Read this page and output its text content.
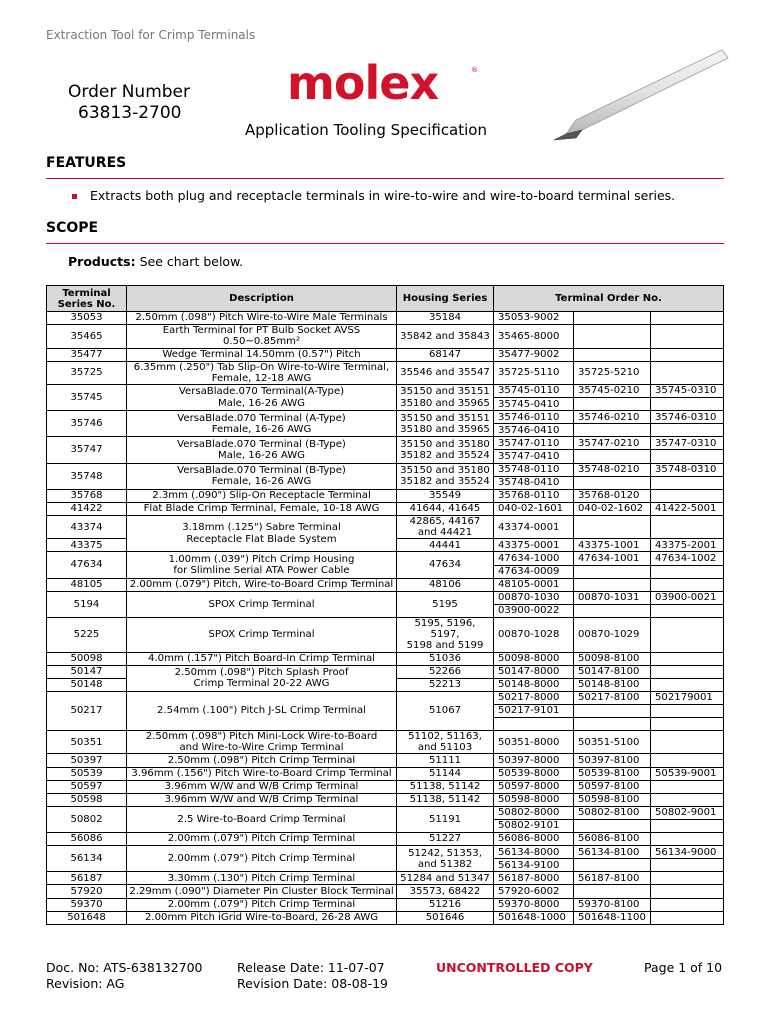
Extraction Tool for Crimp Terminals
Order Number
63813-2700
molex	®
Application Tooling Specification
FEATURES
Extracts both plug and receptacle terminals in wire-to-wire and wire-to-board terminal series.
SCOPE
Products: See chart below.
Terminal
Series No.	Description	Housing Series	Terminal Order No.		
35053	2.50mm (.098") Pitch Wire-to-Wire Male Terminals	35184	35053-9002		
35465	Earth Terminal for PT Bulb Socket AVSS
0.50~0.85mm²	35842 and 35843	35465-8000		
35477	Wedge Terminal 14.50mm (0.57") Pitch	68147	35477-9002		
35725	6.35mm (.250") Tab Slip-On Wire-to-Wire Terminal,
Female, 12-18 AWG	35546 and 35547	35725-5110	35725-5210	
35745	VersaBlade.070 Terminal(A-Type)
Male, 16-26 AWG	35150 and 35151
35180 and 35965	35745-0110	35745-0210	35745-0310
			35745-0410		
35746	VersaBlade.070 Terminal (A-Type)
Female, 16-26 AWG	35150 and 35151
35180 and 35965	35746-0110	35746-0210	35746-0310
			35746-0410		
35747	VersaBlade.070 Terminal (B-Type)
Male, 16-26 AWG	35150 and 35180
35182 and 35524	35747-0110	35747-0210	35747-0310
			35747-0410		
35748	VersaBlade.070 Terminal (B-Type)
Female, 16-26 AWG	35150 and 35180
35182 and 35524	35748-0110	35748-0210	35748-0310
			35748-0410		
35768	2.3mm (.090") Slip-On Receptacle Terminal	35549	35768-0110	35768-0120	
41422	Flat Blade Crimp Terminal, Female, 10-18 AWG	41644, 41645	040-02-1601	040-02-1602	41422-5001
43374	3.18mm (.125") Sabre Terminal
Receptacle Flat Blade System	42865, 44167
and 44421	43374-0001		
43375		44441	43375-0001	43375-1001	43375-2001
47634	1.00mm (.039") Pitch Crimp Housing
for Slimline Serial ATA Power Cable	47634	47634-1000	47634-1001	47634-1002
			47634-0009		
48105	2.00mm (.079") Pitch, Wire-to-Board Crimp Terminal	48106	48105-0001		
5194	SPOX Crimp Terminal	5195	00870-1030	00870-1031	03900-0021
			03900-0022		
5225	SPOX Crimp Terminal	5195, 5196,
5197,
5198 and 5199	00870-1028	00870-1029	
50098	4.0mm (.157") Pitch Board-In Crimp Terminal	51036	50098-8000	50098-8100	
50147	2.50mm (.098") Pitch Splash Proof
Crimp Terminal 20-22 AWG	52266	50147-8000	50147-8100	
50148		52213	50148-8000	50148-8100	
50217	2.54mm (.100") Pitch J-SL Crimp Terminal	51067	50217-8000	50217-8100	502179001
			50217-9101		

50351	2.50mm (.098") Pitch Mini-Lock Wire-to-Board
and Wire-to-Wire Crimp Terminal	51102, 51163,
and 51103	50351-8000	50351-5100	
50397	2.50mm (.098") Pitch Crimp Terminal	51111	50397-8000	50397-8100	
50539	3.96mm (.156") Pitch Wire-to-Board Crimp Terminal	51144	50539-8000	50539-8100	50539-9001
50597	3.96mm W/W and W/B Crimp Terminal	51138, 51142	50597-8000	50597-8100	
50598	3.96mm W/W and W/B Crimp Terminal	51138, 51142	50598-8000	50598-8100	
50802	2.5 Wire-to-Board Crimp Terminal	51191	50802-8000	50802-8100	50802-9001
			50802-9101		
56086	2.00mm (.079") Pitch Crimp Terminal	51227	56086-8000	56086-8100	
56134	2.00mm (.079") Pitch Crimp Terminal	51242, 51353,
and 51382	56134-8000	56134-8100	56134-9000
			56134-9100		
56187	3.30mm (.130") Pitch Crimp Terminal	51284 and 51347	56187-8000	56187-8100	
57920	2.29mm (.090") Diameter Pin Cluster Block Terminal	35573, 68422	57920-6002		
59370	2.00mm (.079") Pitch Crimp Terminal	51216	59370-8000	59370-8100	
501648	2.00mm Pitch iGrid Wire-to-Board, 26-28 AWG	501646	501648-1000	501648-1100	
Doc. No: ATS-638132700
Revision: AG
Release Date: 11-07-07
Revision Date: 08-08-19
UNCONTROLLED COPY	Page 1 of 10
